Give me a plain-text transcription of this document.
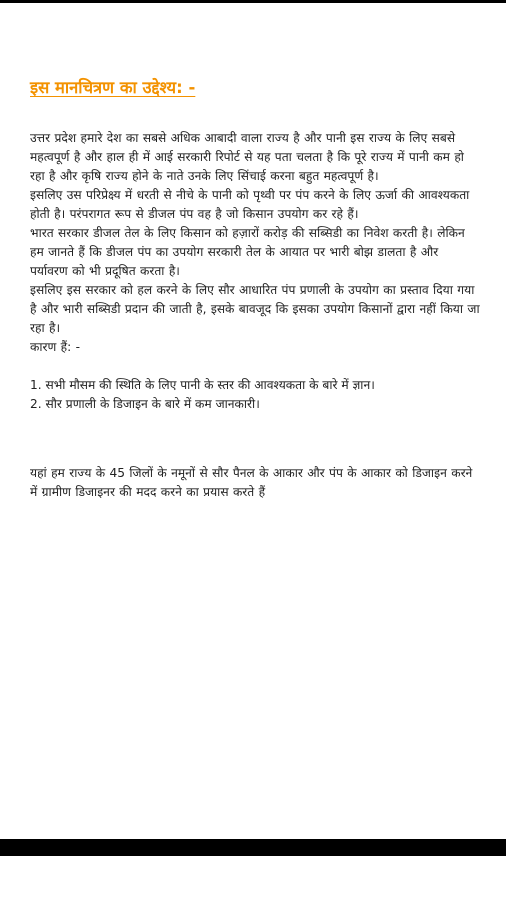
इस मानचित्रण का उद्देश्य: -

उत्तर प्रदेश हमारे देश का सबसे अधिक आबादी वाला राज्य है और पानी इस राज्य के लिए सबसे महत्वपूर्ण है और हाल ही में आई सरकारी रिपोर्ट से यह पता चलता है कि पूरे राज्य में पानी कम हो रहा है और कृषि राज्य होने के नाते उनके लिए सिंचाई करना बहुत महत्वपूर्ण है।

इसलिए उस परिप्रेक्ष्य में धरती से नीचे के पानी को पृथ्वी पर पंप करने के लिए ऊर्जा की आवश्यकता होती है। परंपरागत रूप से डीजल पंप वह है जो किसान उपयोग कर रहे हैं।

भारत सरकार डीजल तेल के लिए किसान को हज़ारों करोड़ की सब्सिडी का निवेश करती है। लेकिन हम जानते हैं कि डीजल पंप का उपयोग सरकारी तेल के आयात पर भारी बोझ डालता है और पर्यावरण को भी प्रदूषित करता है।

इसलिए इस सरकार को हल करने के लिए सौर आधारित पंप प्रणाली के उपयोग का प्रस्ताव दिया गया है और भारी सब्सिडी प्रदान की जाती है, इसके बावजूद कि इसका उपयोग किसानों द्वारा नहीं किया जा रहा है।

कारण हैं: -

1. सभी मौसम की स्थिति के लिए पानी के स्तर की आवश्यकता के बारे में ज्ञान।
2. सौर प्रणाली के डिजाइन के बारे में कम जानकारी।

यहां हम राज्य के 45 जिलों के नमूनों से सौर पैनल के आकार और पंप के आकार को डिजाइन करने में ग्रामीण डिजाइनर की मदद करने का प्रयास करते हैं
